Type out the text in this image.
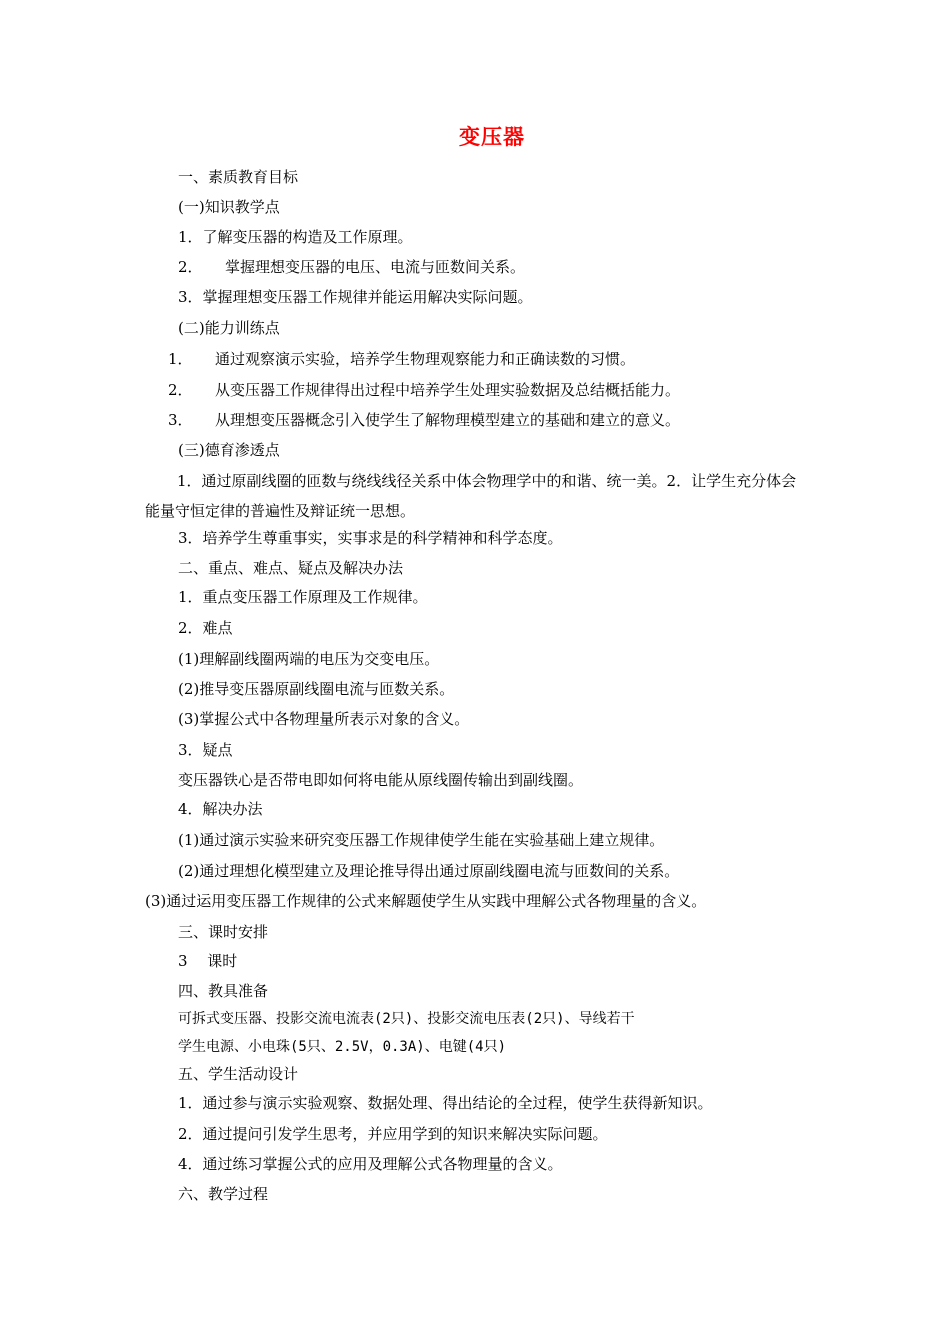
变压器
一、素质教育目标
(一)知识教学点
1．了解变压器的构造及工作原理。
2．　　掌握理想变压器的电压、电流与匝数间关系。
3．掌握理想变压器工作规律并能运用解决实际问题。
(二)能力训练点
1．　　通过观察演示实验，培养学生物理观察能力和正确读数的习惯。
2．　　从变压器工作规律得出过程中培养学生处理实验数据及总结概括能力。
3．　　从理想变压器概念引入使学生了解物理模型建立的基础和建立的意义。
(三)德育渗透点
1．通过原副线圈的匝数与绕线线径关系中体会物理学中的和谐、统一美。2．让学生充分体会能量守恒定律的普遍性及辩证统一思想。
3．培养学生尊重事实，实事求是的科学精神和科学态度。
二、重点、难点、疑点及解决办法
1．重点变压器工作原理及工作规律。
2．难点
(1)理解副线圈两端的电压为交变电压。
(2)推导变压器原副线圈电流与匝数关系。
(3)掌握公式中各物理量所表示对象的含义。
3．疑点
变压器铁心是否带电即如何将电能从原线圈传输出到副线圈。
4．解决办法
(1)通过演示实验来研究变压器工作规律使学生能在实验基础上建立规律。
(2)通过理想化模型建立及理论推导得出通过原副线圈电流与匝数间的关系。
(3)通过运用变压器工作规律的公式来解题使学生从实践中理解公式各物理量的含义。
三、课时安排
3　 课时
四、教具准备
可拆式变压器、投影交流电流表(2只)、投影交流电压表(2只)、导线若干
学生电源、小电珠(5只、2.5V，0.3A)、电键(4只)
五、学生活动设计
1．通过参与演示实验观察、数据处理、得出结论的全过程，使学生获得新知识。
2．通过提问引发学生思考，并应用学到的知识来解决实际问题。
4．通过练习掌握公式的应用及理解公式各物理量的含义。
六、教学过程
